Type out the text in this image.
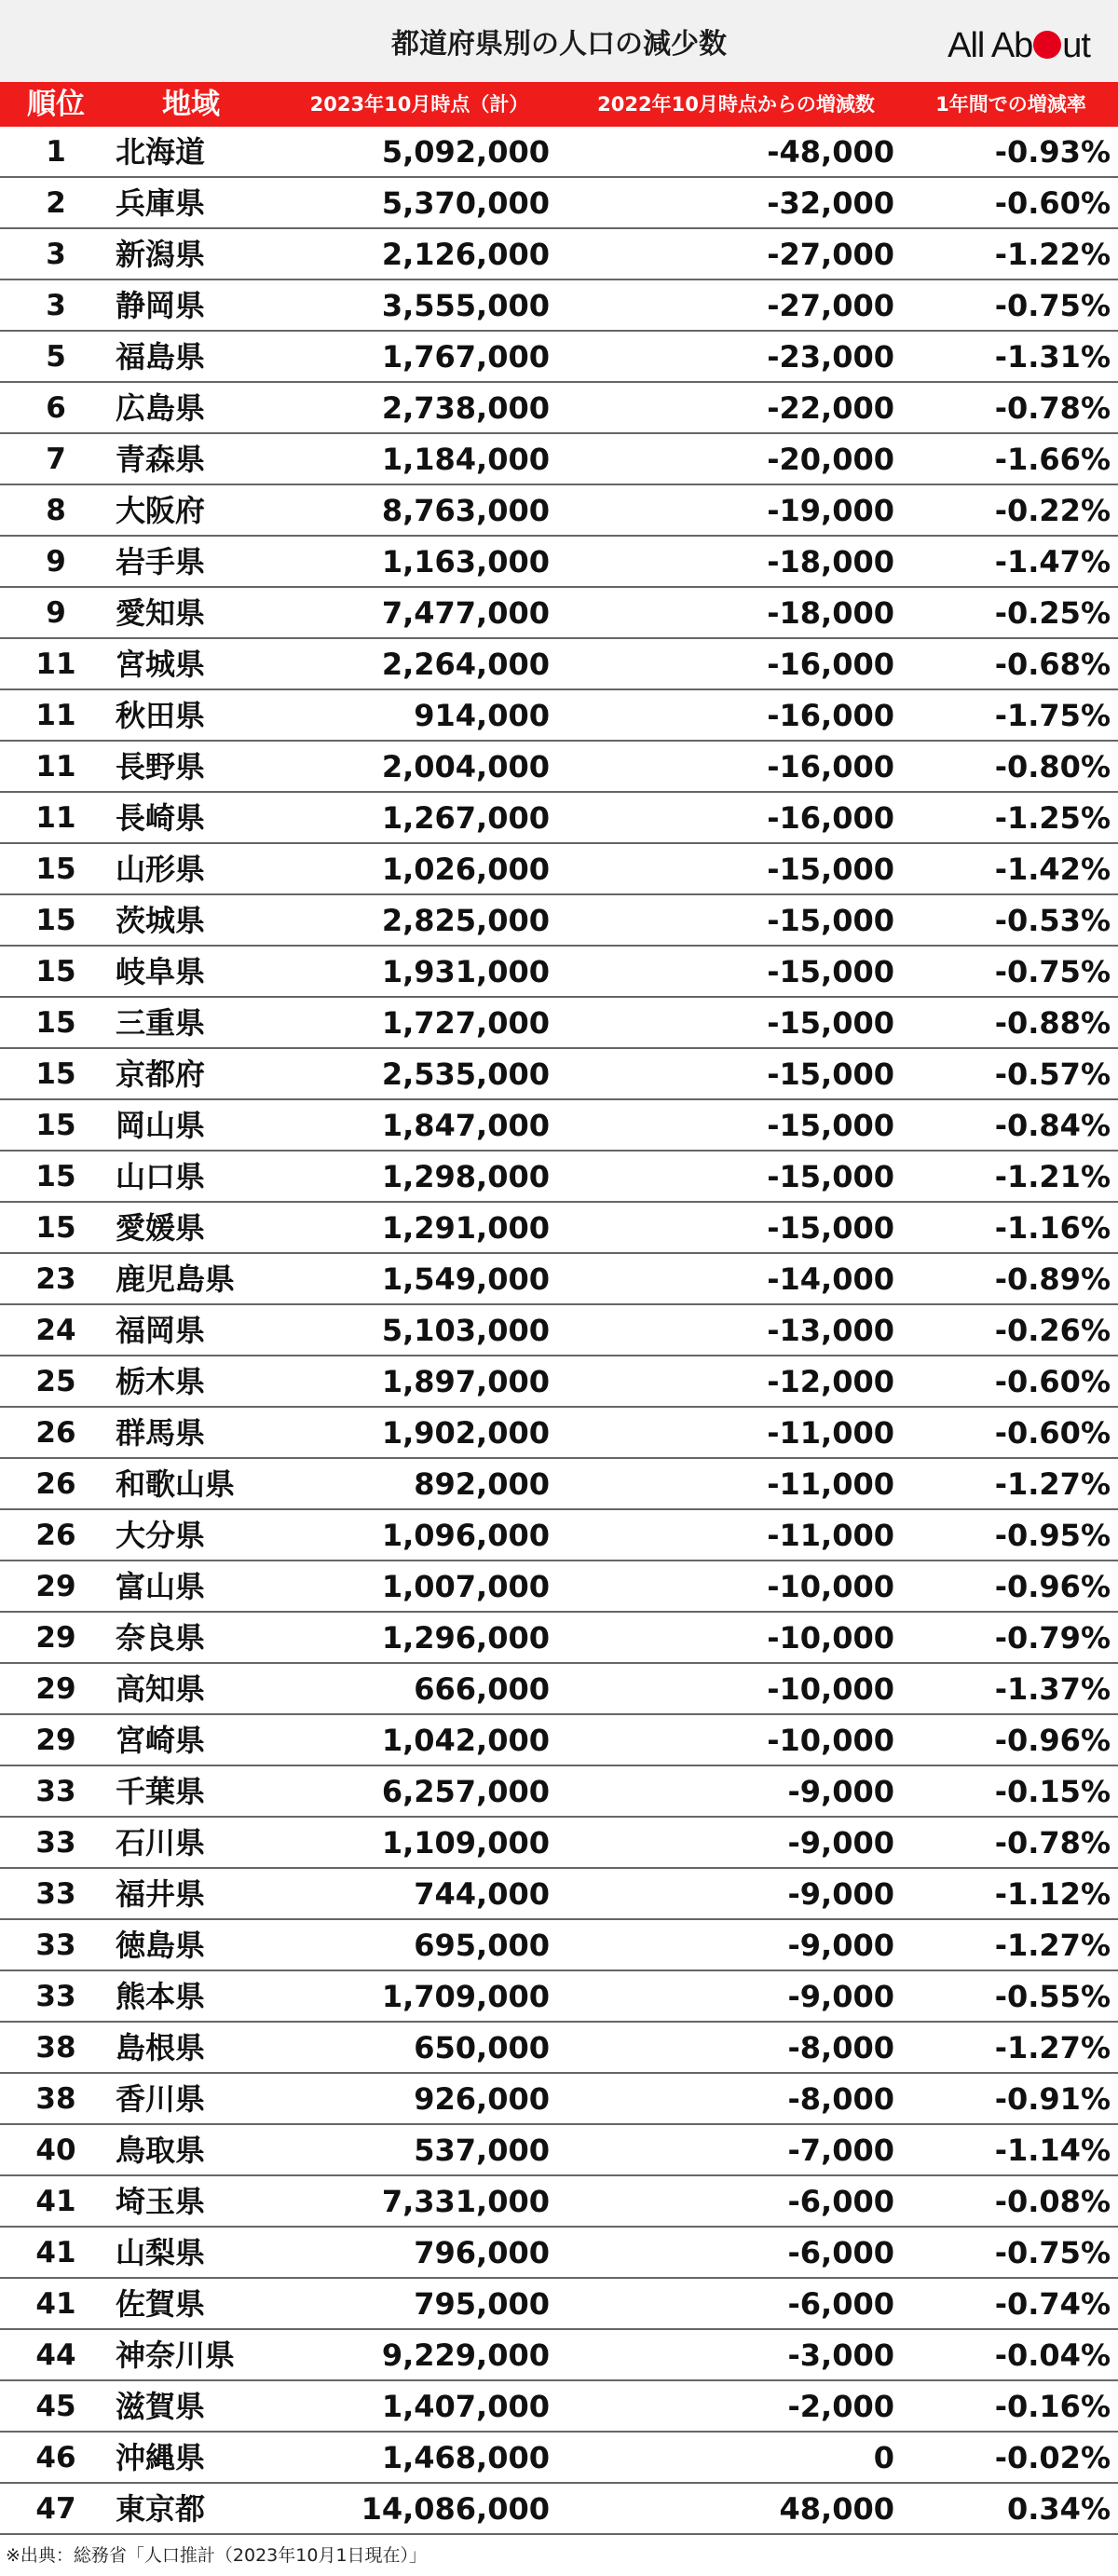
都道府県別の人口の減少数	All Ab ut
順位	地域	2023年10月時点（計）	2022年10月時点からの増減数	1年間での増減率
1	北海道	5,092,000	-48,000	-0.93%
2	兵庫県	5,370,000	-32,000	-0.60%
3	新潟県	2,126,000	-27,000	-1.22%
3	静岡県	3,555,000	-27,000	-0.75%
5	福島県	1,767,000	-23,000	-1.31%
6	広島県	2,738,000	-22,000	-0.78%
7	青森県	1,184,000	-20,000	-1.66%
8	大阪府	8,763,000	-19,000	-0.22%
9	岩手県	1,163,000	-18,000	-1.47%
9	愛知県	7,477,000	-18,000	-0.25%
11	宮城県	2,264,000	-16,000	-0.68%
11	秋田県	914,000	-16,000	-1.75%
11	長野県	2,004,000	-16,000	-0.80%
11	長崎県	1,267,000	-16,000	-1.25%
15	山形県	1,026,000	-15,000	-1.42%
15	茨城県	2,825,000	-15,000	-0.53%
15	岐阜県	1,931,000	-15,000	-0.75%
15	三重県	1,727,000	-15,000	-0.88%
15	京都府	2,535,000	-15,000	-0.57%
15	岡山県	1,847,000	-15,000	-0.84%
15	山口県	1,298,000	-15,000	-1.21%
15	愛媛県	1,291,000	-15,000	-1.16%
23	鹿児島県	1,549,000	-14,000	-0.89%
24	福岡県	5,103,000	-13,000	-0.26%
25	栃木県	1,897,000	-12,000	-0.60%
26	群馬県	1,902,000	-11,000	-0.60%
26	和歌山県	892,000	-11,000	-1.27%
26	大分県	1,096,000	-11,000	-0.95%
29	富山県	1,007,000	-10,000	-0.96%
29	奈良県	1,296,000	-10,000	-0.79%
29	高知県	666,000	-10,000	-1.37%
29	宮崎県	1,042,000	-10,000	-0.96%
33	千葉県	6,257,000	-9,000	-0.15%
33	石川県	1,109,000	-9,000	-0.78%
33	福井県	744,000	-9,000	-1.12%
33	徳島県	695,000	-9,000	-1.27%
33	熊本県	1,709,000	-9,000	-0.55%
38	島根県	650,000	-8,000	-1.27%
38	香川県	926,000	-8,000	-0.91%
40	鳥取県	537,000	-7,000	-1.14%
41	埼玉県	7,331,000	-6,000	-0.08%
41	山梨県	796,000	-6,000	-0.75%
41	佐賀県	795,000	-6,000	-0.74%
44	神奈川県	9,229,000	-3,000	-0.04%
45	滋賀県	1,407,000	-2,000	-0.16%
46	沖縄県	1,468,000	0	-0.02%
47	東京都	14,086,000	48,000	0.34%
※出典：総務省「人口推計（2023年10月1日現在）」
